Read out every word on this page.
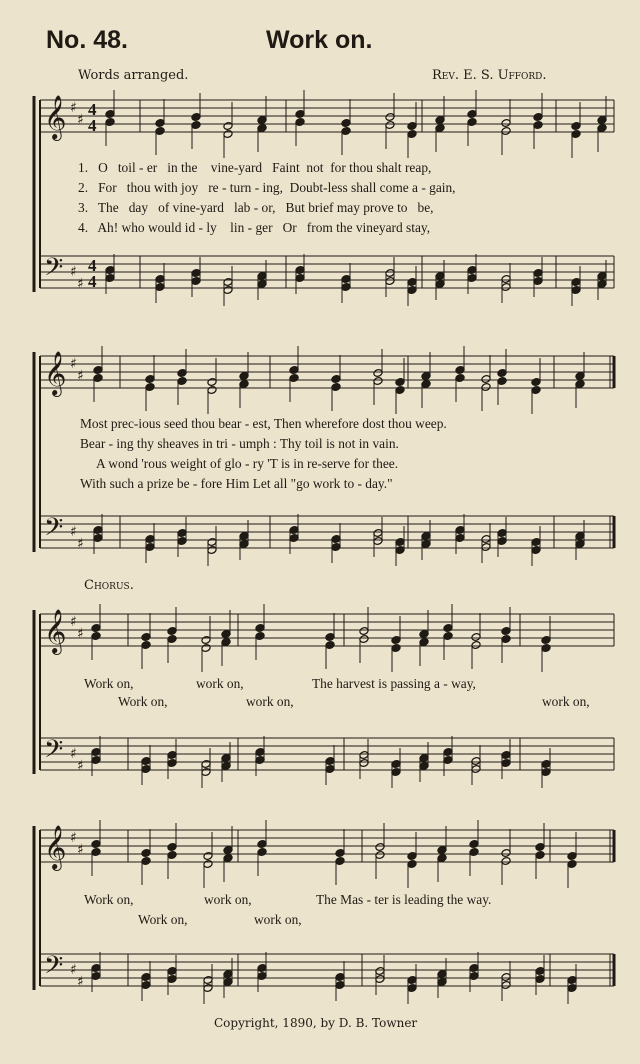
No. 48.	Work on.
Words arranged.	Rev. E. S. Ufford.
𝄞
𝄢
♯
♯
♯
♯
4
4
4
4
𝄞
𝄢
♯
♯
♯
♯
𝄞
𝄢
♯
♯
♯
♯
𝄞
𝄢
♯
♯
♯
♯
1. O toil - er in the vine-yard Faint not for thou shalt reap,
2. For thou with joy re - turn - ing, Doubt-less shall come a - gain,
3. The day of vine-yard lab - or, But brief may prove to be,
4. Ah! who would id - ly lin - ger Or from the vineyard stay,
Most prec-ious seed thou bear - est, Then wherefore dost thou weep.
Bear - ing thy sheaves in tri - umph : Thy toil is not in vain.
A wond 'rous weight of glo - ry 'T is in re-serve for thee.
With such a prize be - fore Him Let all "go work to - day."
Chorus.
Work on,	work on,	The harvest is passing a - way,
Work on,	work on,	work on,
Work on,	work on,	The Mas - ter is leading the way.
Work on,	work on,
Copyright, 1890, by D. B. Towner
